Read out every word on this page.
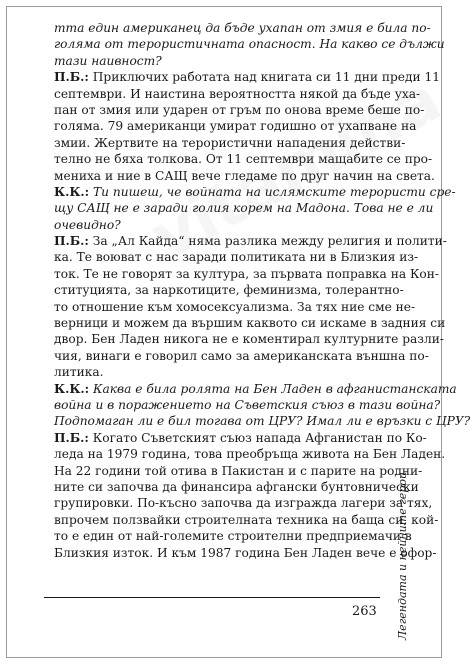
тта един американец да бъде ухапан от змия е била по-
голяма от терористичната опасност. На какво се дължи
тази наивност?
П.Б.: Приключих работата над книгата си 11 дни преди 11
септември. И наистина вероятността някой да бъде уха-
пан от змия или ударен от гръм по онова време беше по-
голяма. 79 американци умират годишно от ухапване на
змии. Жертвите на терористични нападения действи-
телно не бяха толкова. От 11 септември мащабите се про-
мениха и ние в САЩ вече гледаме по друг начин на света.
К.К.: Ти пишеш, че войната на ислямските терористи сре-
щу САЩ не е заради голия корем на Мадона. Това не е ли
очевидно?
П.Б.: За „Ал Кайда“ няма разлика между религия и полити-
ка. Те воюват с нас заради политиката ни в Близкия из-
ток. Те не говорят за култура, за първата поправка на Кон-
ституцията, за наркотиците, феминизма, толерантно-
то отношение към хомосексуализма. За тях ние сме не-
верници и можем да вършим каквото си искаме в задния си
двор. Бен Ладен никога не е коментирал културните разли-
чия, винаги е говорил само за американската външна по-
литика.
К.К.: Каква е била ролята на Бен Ладен в афганистанската
война и в поражението на Съветския съюз в тази война?
Подпомаган ли е бил тогава от ЦРУ? Имал ли е връзки с ЦРУ?
П.Б.: Когато Съветският съюз напада Афганистан по Ко-
леда на 1979 година, това преобръща живота на Бен Ладен.
На 22 години той отива в Пакистан и с парите на родни-
ните си започва да финансира афгански бунтовнически
групировки. По-късно започва да изгражда лагери за тях,
впрочем ползвайки строителната техника на баща си, кой-
то е един от най-големите строителни предприемачи в
Близкия изток. И към 1987 година Бен Ладен вече е офор-
Легендата и нейните герои
263
